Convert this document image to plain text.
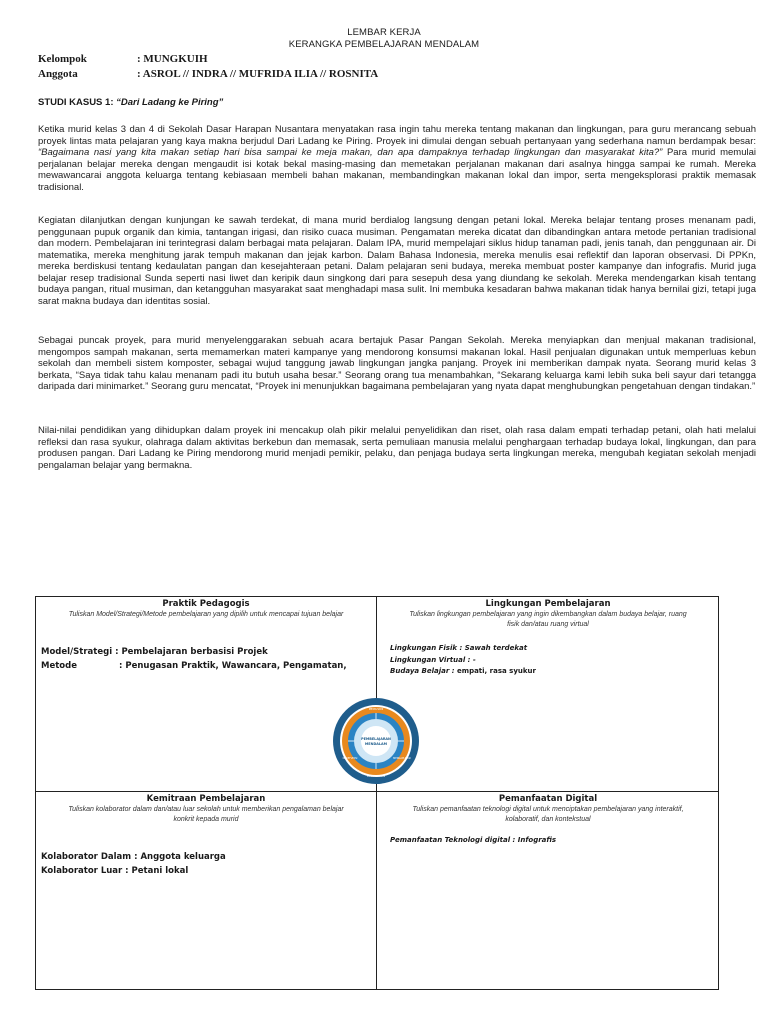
LEMBAR KERJA
KERANGKA PEMBELAJARAN MENDALAM
Kelompok	: MUNGKUIH
Anggota	: ASROL // INDRA // MUFRIDA ILIA // ROSNITA
STUDI KASUS 1: “Dari Ladang ke Piring”
Ketika murid kelas 3 dan 4 di Sekolah Dasar Harapan Nusantara menyatakan rasa ingin tahu mereka tentang makanan dan lingkungan, para guru merancang sebuah proyek lintas mata pelajaran yang kaya makna berjudul Dari Ladang ke Piring. Proyek ini dimulai dengan sebuah pertanyaan yang sederhana namun berdampak besar: “Bagaimana nasi yang kita makan setiap hari bisa sampai ke meja makan, dan apa dampaknya terhadap lingkungan dan masyarakat kita?” Para murid memulai perjalanan belajar mereka dengan mengaudit isi kotak bekal masing-masing dan memetakan perjalanan makanan dari asalnya hingga sampai ke rumah. Mereka mewawancarai anggota keluarga tentang kebiasaan membeli bahan makanan, membandingkan makanan lokal dan impor, serta mengeksplorasi praktik memasak tradisional.
Kegiatan dilanjutkan dengan kunjungan ke sawah terdekat, di mana murid berdialog langsung dengan petani lokal. Mereka belajar tentang proses menanam padi, penggunaan pupuk organik dan kimia, tantangan irigasi, dan risiko cuaca musiman. Pengamatan mereka dicatat dan dibandingkan antara metode pertanian tradisional dan modern. Pembelajaran ini terintegrasi dalam berbagai mata pelajaran. Dalam IPA, murid mempelajari siklus hidup tanaman padi, jenis tanah, dan penggunaan air. Di matematika, mereka menghitung jarak tempuh makanan dan jejak karbon. Dalam Bahasa Indonesia, mereka menulis esai reflektif dan laporan observasi. Di PPKn, mereka berdiskusi tentang kedaulatan pangan dan kesejahteraan petani. Dalam pelajaran seni budaya, mereka membuat poster kampanye dan infografis. Murid juga belajar resep tradisional Sunda seperti nasi liwet dan keripik daun singkong dari para sesepuh desa yang diundang ke sekolah. Mereka mendengarkan kisah tentang budaya pangan, ritual musiman, dan ketangguhan masyarakat saat menghadapi masa sulit. Ini membuka kesadaran bahwa makanan tidak hanya bernilai gizi, tetapi juga sarat makna budaya dan identitas sosial.
Sebagai puncak proyek, para murid menyelenggarakan sebuah acara bertajuk Pasar Pangan Sekolah. Mereka menyiapkan dan menjual makanan tradisional, mengompos sampah makanan, serta memamerkan materi kampanye yang mendorong konsumsi makanan lokal. Hasil penjualan digunakan untuk memperluas kebun sekolah dan membeli sistem komposter, sebagai wujud tanggung jawab lingkungan jangka panjang. Proyek ini memberikan dampak nyata. Seorang murid kelas 3 berkata, “Saya tidak tahu kalau menanam padi itu butuh usaha besar.” Seorang orang tua menambahkan, “Sekarang keluarga kami lebih suka beli sayur dari tetangga daripada dari minimarket.” Seorang guru mencatat, “Proyek ini menunjukkan bagaimana pembelajaran yang nyata dapat menghubungkan pengetahuan dengan tindakan.”
Nilai-nilai pendidikan yang dihidupkan dalam proyek ini mencakup olah pikir melalui penyelidikan dan riset, olah rasa dalam empati terhadap petani, olah hati melalui refleksi dan rasa syukur, olahraga dalam aktivitas berkebun dan memasak, serta pemuliaan manusia melalui penghargaan terhadap budaya lokal, lingkungan, dan para produsen pangan. Dari Ladang ke Piring mendorong murid menjadi pemikir, pelaku, dan penjaga budaya serta lingkungan mereka, mengubah kegiatan sekolah menjadi pengalaman belajar yang bermakna.
Praktik Pedagogis
Tuliskan Model/Strategi/Metode pembelajaran yang dipilih untuk mencapai tujuan belajar
Model/Strategi : Pembelajaran berbasisi Projek
Metode	: Penugasan Praktik, Wawancara, Pengamatan,
Lingkungan Pembelajaran
Tuliskan lingkungan pembelajaran yang ingin dikembangkan dalam budaya belajar, ruang fisik dan/atau ruang virtual
Lingkungan Fisik : Sawah terdekat
Lingkungan Virtual : -
Budaya Belajar : empati, rasa syukur
Kemitraan Pembelajaran
Tuliskan kolaborator dalam dan/atau luar sekolah untuk memberikan pengalaman belajar konkrit kepada murid
Kolaborator Dalam : Anggota keluarga
Kolaborator Luar : Petani lokal
Pemanfaatan Digital
Tuliskan pemanfaatan teknologi digital untuk menciptakan pembelajaran yang interaktif, kolaboratif, dan kontekstual
Pemanfaatan Teknologi digital : Infografis
PEMBELAJARAN
MENDALAM
MEMAHAMI
MENGAPLIKASI
MEREFLEKSI
PENGALAMAN
